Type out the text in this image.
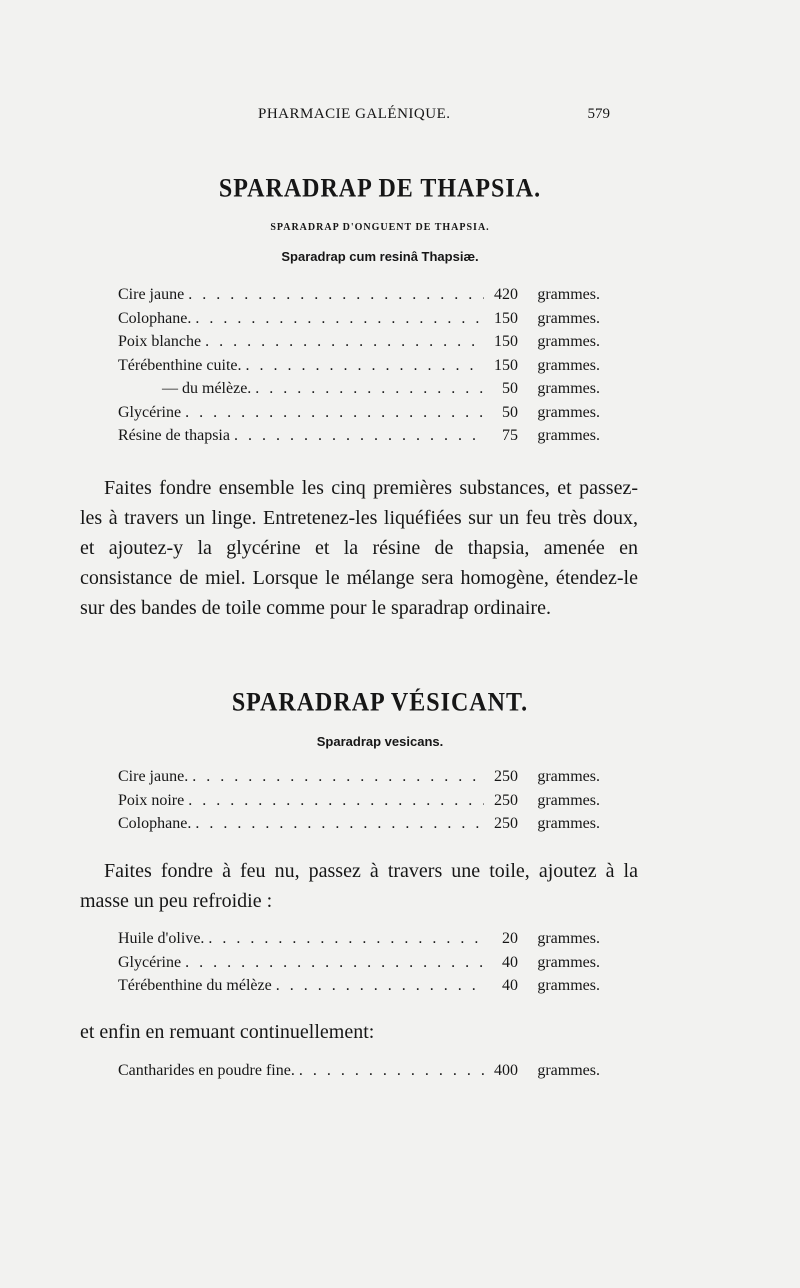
PHARMACIE GALÉNIQUE.	579
SPARADRAP DE THAPSIA.
SPARADRAP D'ONGUENT DE THAPSIA.
Sparadrap cum resinâ Thapsiæ.
Cire jaune . . .	420	grammes.
Colophane. . . .	150	grammes.
Poix blanche . . .	150	grammes.
Térébenthine cuite. . . .	150	grammes.
— du mélèze. . . .	50	grammes.
Glycérine . . .	50	grammes.
Résine de thapsia . . .	75	grammes.

Faites fondre ensemble les cinq premières substances, et passez-les à travers un linge. Entretenez-les liquéfiées sur un feu très doux, et ajoutez-y la glycérine et la résine de thapsia, amenée en consistance de miel. Lorsque le mélange sera homogène, étendez-le sur des bandes de toile comme pour le sparadrap ordinaire.

SPARADRAP VÉSICANT.
Sparadrap vesicans.
Cire jaune. . . .	250	grammes.
Poix noire . . .	250	grammes.
Colophane. . . .	250	grammes.

Faites fondre à feu nu, passez à travers une toile, ajoutez à la masse un peu refroidie :

Huile d'olive. . . .	20	grammes.
Glycérine . . .	40	grammes.
Térébenthine du mélèze . . .	40	grammes.

et enfin en remuant continuellement:

Cantharides en poudre fine. . . .	400	grammes.
